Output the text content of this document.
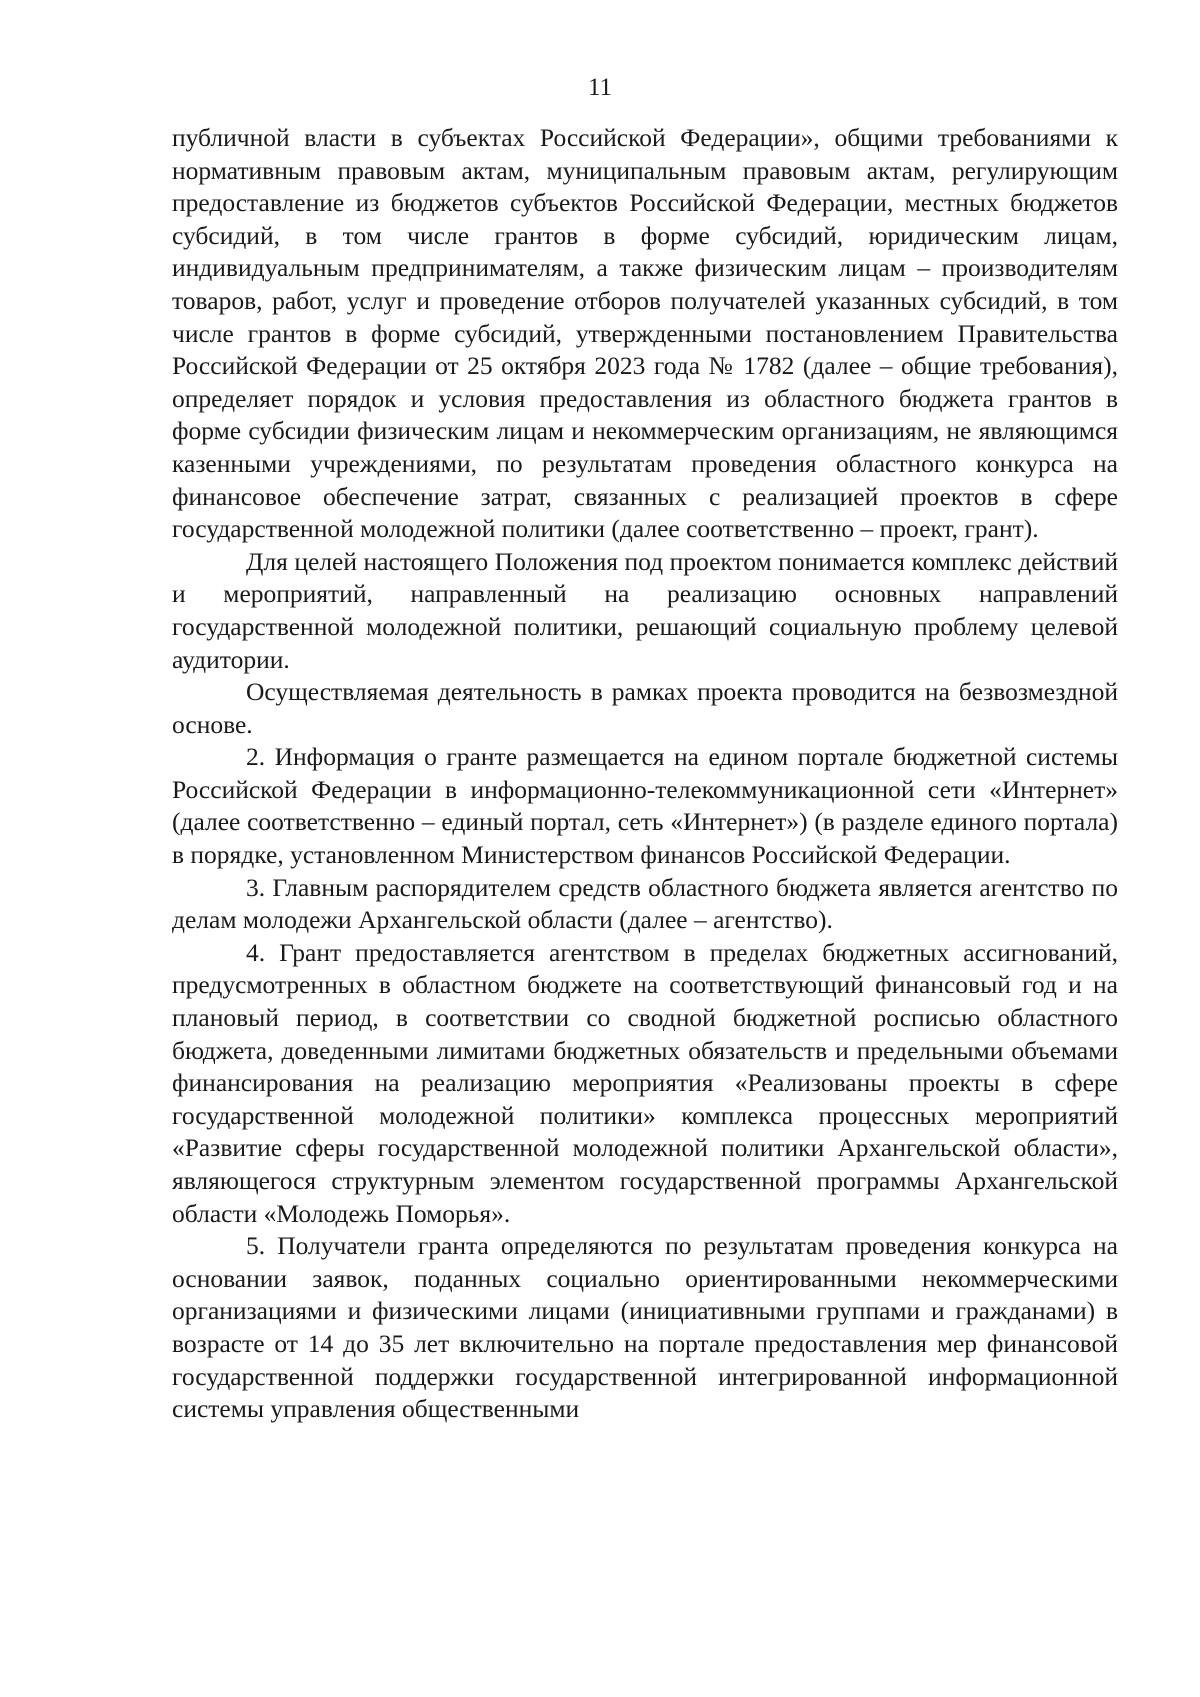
11

публичной власти в субъектах Российской Федерации», общими требованиями к нормативным правовым актам, муниципальным правовым актам, регулирующим предоставление из бюджетов субъектов Российской Федерации, местных бюджетов субсидий, в том числе грантов в форме субсидий, юридическим лицам, индивидуальным предпринимателям, а также физическим лицам – производителям товаров, работ, услуг и проведение отборов получателей указанных субсидий, в том числе грантов в форме субсидий, утвержденными постановлением Правительства Российской Федерации от 25 октября 2023 года № 1782 (далее – общие требования), определяет порядок и условия предоставления из областного бюджета грантов в форме субсидии физическим лицам и некоммерческим организациям, не являющимся казенными учреждениями, по результатам проведения областного конкурса на финансовое обеспечение затрат, связанных с реализацией проектов в сфере государственной молодежной политики (далее соответственно – проект, грант).

Для целей настоящего Положения под проектом понимается комплекс действий и мероприятий, направленный на реализацию основных направлений государственной молодежной политики, решающий социальную проблему целевой аудитории.

Осуществляемая деятельность в рамках проекта проводится на безвозмездной основе.

2. Информация о гранте размещается на едином портале бюджетной системы Российской Федерации в информационно-телекоммуникационной сети «Интернет» (далее соответственно – единый портал, сеть «Интернет») (в разделе единого портала) в порядке, установленном Министерством финансов Российской Федерации.

3. Главным распорядителем средств областного бюджета является агентство по делам молодежи Архангельской области (далее – агентство).

4. Грант предоставляется агентством в пределах бюджетных ассигнований, предусмотренных в областном бюджете на соответствующий финансовый год и на плановый период, в соответствии со сводной бюджетной росписью областного бюджета, доведенными лимитами бюджетных обязательств и предельными объемами финансирования на реализацию мероприятия «Реализованы проекты в сфере государственной молодежной политики» комплекса процессных мероприятий «Развитие сферы государственной молодежной политики Архангельской области», являющегося структурным элементом государственной программы Архангельской области «Молодежь Поморья».

5. Получатели гранта определяются по результатам проведения конкурса на основании заявок, поданных социально ориентированными некоммерческими организациями и физическими лицами (инициативными группами и гражданами) в возрасте от 14 до 35 лет включительно на портале предоставления мер финансовой государственной поддержки государственной интегрированной информационной системы управления общественными
